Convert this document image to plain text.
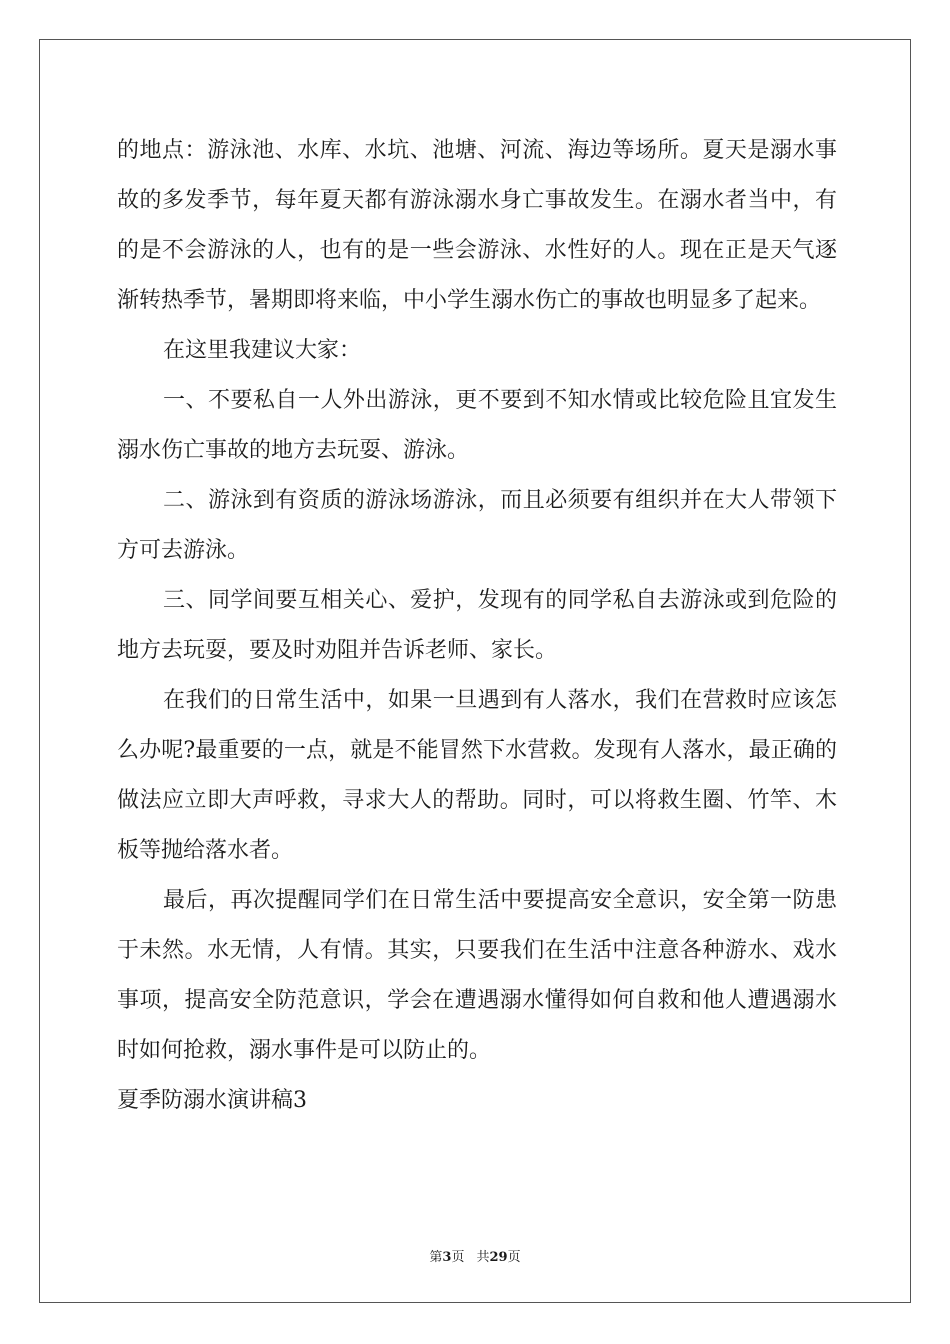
的地点：游泳池、水库、水坑、池塘、河流、海边等场所。夏天是溺水事故的多发季节，每年夏天都有游泳溺水身亡事故发生。在溺水者当中，有的是不会游泳的人，也有的是一些会游泳、水性好的人。现在正是天气逐渐转热季节，暑期即将来临，中小学生溺水伤亡的事故也明显多了起来。

在这里我建议大家：

一、不要私自一人外出游泳，更不要到不知水情或比较危险且宜发生溺水伤亡事故的地方去玩耍、游泳。

二、游泳到有资质的游泳场游泳，而且必须要有组织并在大人带领下方可去游泳。

三、同学间要互相关心、爱护，发现有的同学私自去游泳或到危险的地方去玩耍，要及时劝阻并告诉老师、家长。

在我们的日常生活中，如果一旦遇到有人落水，我们在营救时应该怎么办呢?最重要的一点，就是不能冒然下水营救。发现有人落水，最正确的做法应立即大声呼救，寻求大人的帮助。同时，可以将救生圈、竹竿、木板等抛给落水者。

最后，再次提醒同学们在日常生活中要提高安全意识，安全第一防患于未然。水无情，人有情。其实，只要我们在生活中注意各种游水、戏水事项，提高安全防范意识，学会在遭遇溺水懂得如何自救和他人遭遇溺水时如何抢救，溺水事件是可以防止的。

夏季防溺水演讲稿3

第3页 共29页
